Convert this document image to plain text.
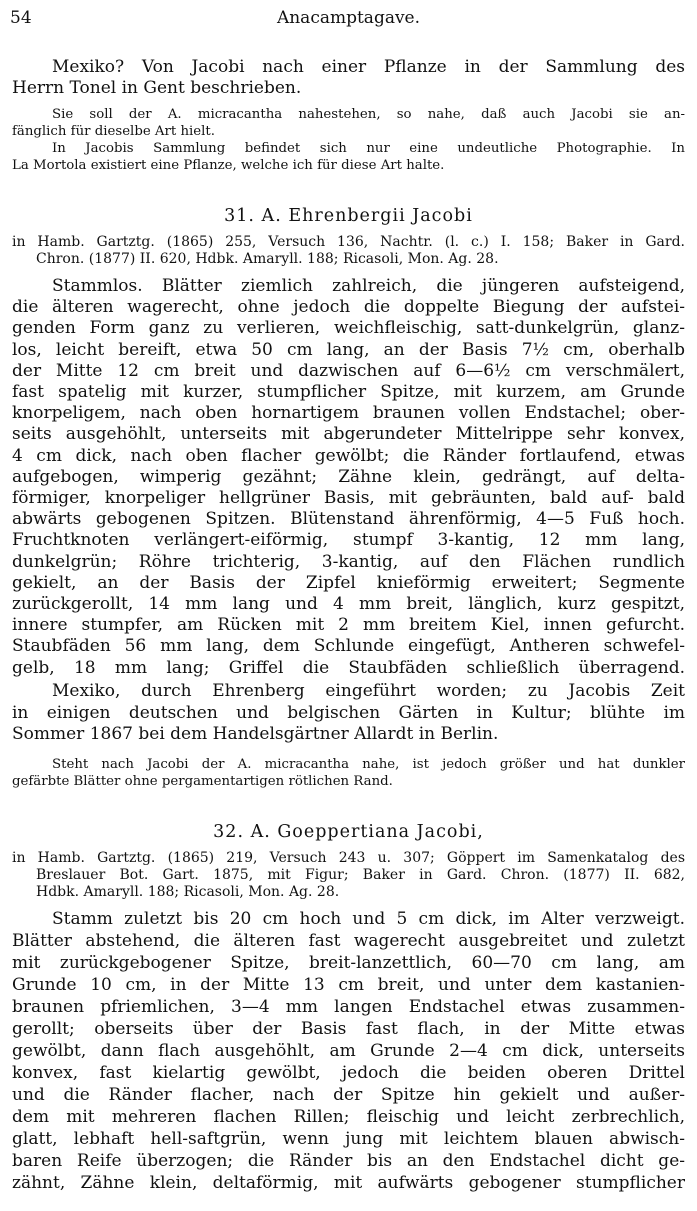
54	Anacamptagave.
Mexiko? Von Jacobi nach einer Pflanze in der Sammlung des
Herrn Tonel in Gent beschrieben.
Sie soll der A. micracantha nahestehen, so nahe, daß auch Jacobi sie an-
fänglich für dieselbe Art hielt.
In Jacobis Sammlung befindet sich nur eine undeutliche Photographie. In
La Mortola existiert eine Pflanze, welche ich für diese Art halte.
31. A. Ehrenbergii Jacobi
in Hamb. Gartztg. (1865) 255, Versuch 136, Nachtr. (l. c.) I. 158; Baker in Gard.
Chron. (1877) II. 620, Hdbk. Amaryll. 188; Ricasoli, Mon. Ag. 28.
Stammlos. Blätter ziemlich zahlreich, die jüngeren aufsteigend,
die älteren wagerecht, ohne jedoch die doppelte Biegung der aufstei-
genden Form ganz zu verlieren, weichfleischig, satt-dunkelgrün, glanz-
los, leicht bereift, etwa 50 cm lang, an der Basis 7½ cm, oberhalb
der Mitte 12 cm breit und dazwischen auf 6—6½ cm verschmälert,
fast spatelig mit kurzer, stumpflicher Spitze, mit kurzem, am Grunde
knorpeligem, nach oben hornartigem braunen vollen Endstachel; ober-
seits ausgehöhlt, unterseits mit abgerundeter Mittelrippe sehr konvex,
4 cm dick, nach oben flacher gewölbt; die Ränder fortlaufend, etwas
aufgebogen, wimperig gezähnt; Zähne klein, gedrängt, auf delta-
förmiger, knorpeliger hellgrüner Basis, mit gebräunten, bald auf- bald
abwärts gebogenen Spitzen. Blütenstand ährenförmig, 4—5 Fuß hoch.
Fruchtknoten verlängert-eiförmig, stumpf 3-kantig, 12 mm lang,
dunkelgrün; Röhre trichterig, 3-kantig, auf den Flächen rundlich
gekielt, an der Basis der Zipfel knieförmig erweitert; Segmente
zurückgerollt, 14 mm lang und 4 mm breit, länglich, kurz gespitzt,
innere stumpfer, am Rücken mit 2 mm breitem Kiel, innen gefurcht.
Staubfäden 56 mm lang, dem Schlunde eingefügt, Antheren schwefel-
gelb, 18 mm lang; Griffel die Staubfäden schließlich überragend.
Mexiko, durch Ehrenberg eingeführt worden; zu Jacobis Zeit
in einigen deutschen und belgischen Gärten in Kultur; blühte im
Sommer 1867 bei dem Handelsgärtner Allardt in Berlin.
Steht nach Jacobi der A. micracantha nahe, ist jedoch größer und hat dunkler
gefärbte Blätter ohne pergamentartigen rötlichen Rand.
32. A. Goeppertiana Jacobi,
in Hamb. Gartztg. (1865) 219, Versuch 243 u. 307; Göppert im Samenkatalog des
Breslauer Bot. Gart. 1875, mit Figur; Baker in Gard. Chron. (1877) II. 682,
Hdbk. Amaryll. 188; Ricasoli, Mon. Ag. 28.
Stamm zuletzt bis 20 cm hoch und 5 cm dick, im Alter verzweigt.
Blätter abstehend, die älteren fast wagerecht ausgebreitet und zuletzt
mit zurückgebogener Spitze, breit-lanzettlich, 60—70 cm lang, am
Grunde 10 cm, in der Mitte 13 cm breit, und unter dem kastanien-
braunen pfriemlichen, 3—4 mm langen Endstachel etwas zusammen-
gerollt; oberseits über der Basis fast flach, in der Mitte etwas
gewölbt, dann flach ausgehöhlt, am Grunde 2—4 cm dick, unterseits
konvex, fast kielartig gewölbt, jedoch die beiden oberen Drittel
und die Ränder flacher, nach der Spitze hin gekielt und außer-
dem mit mehreren flachen Rillen; fleischig und leicht zerbrechlich,
glatt, lebhaft hell-saftgrün, wenn jung mit leichtem blauen abwisch-
baren Reife überzogen; die Ränder bis an den Endstachel dicht ge-
zähnt, Zähne klein, deltaförmig, mit aufwärts gebogener stumpflicher
